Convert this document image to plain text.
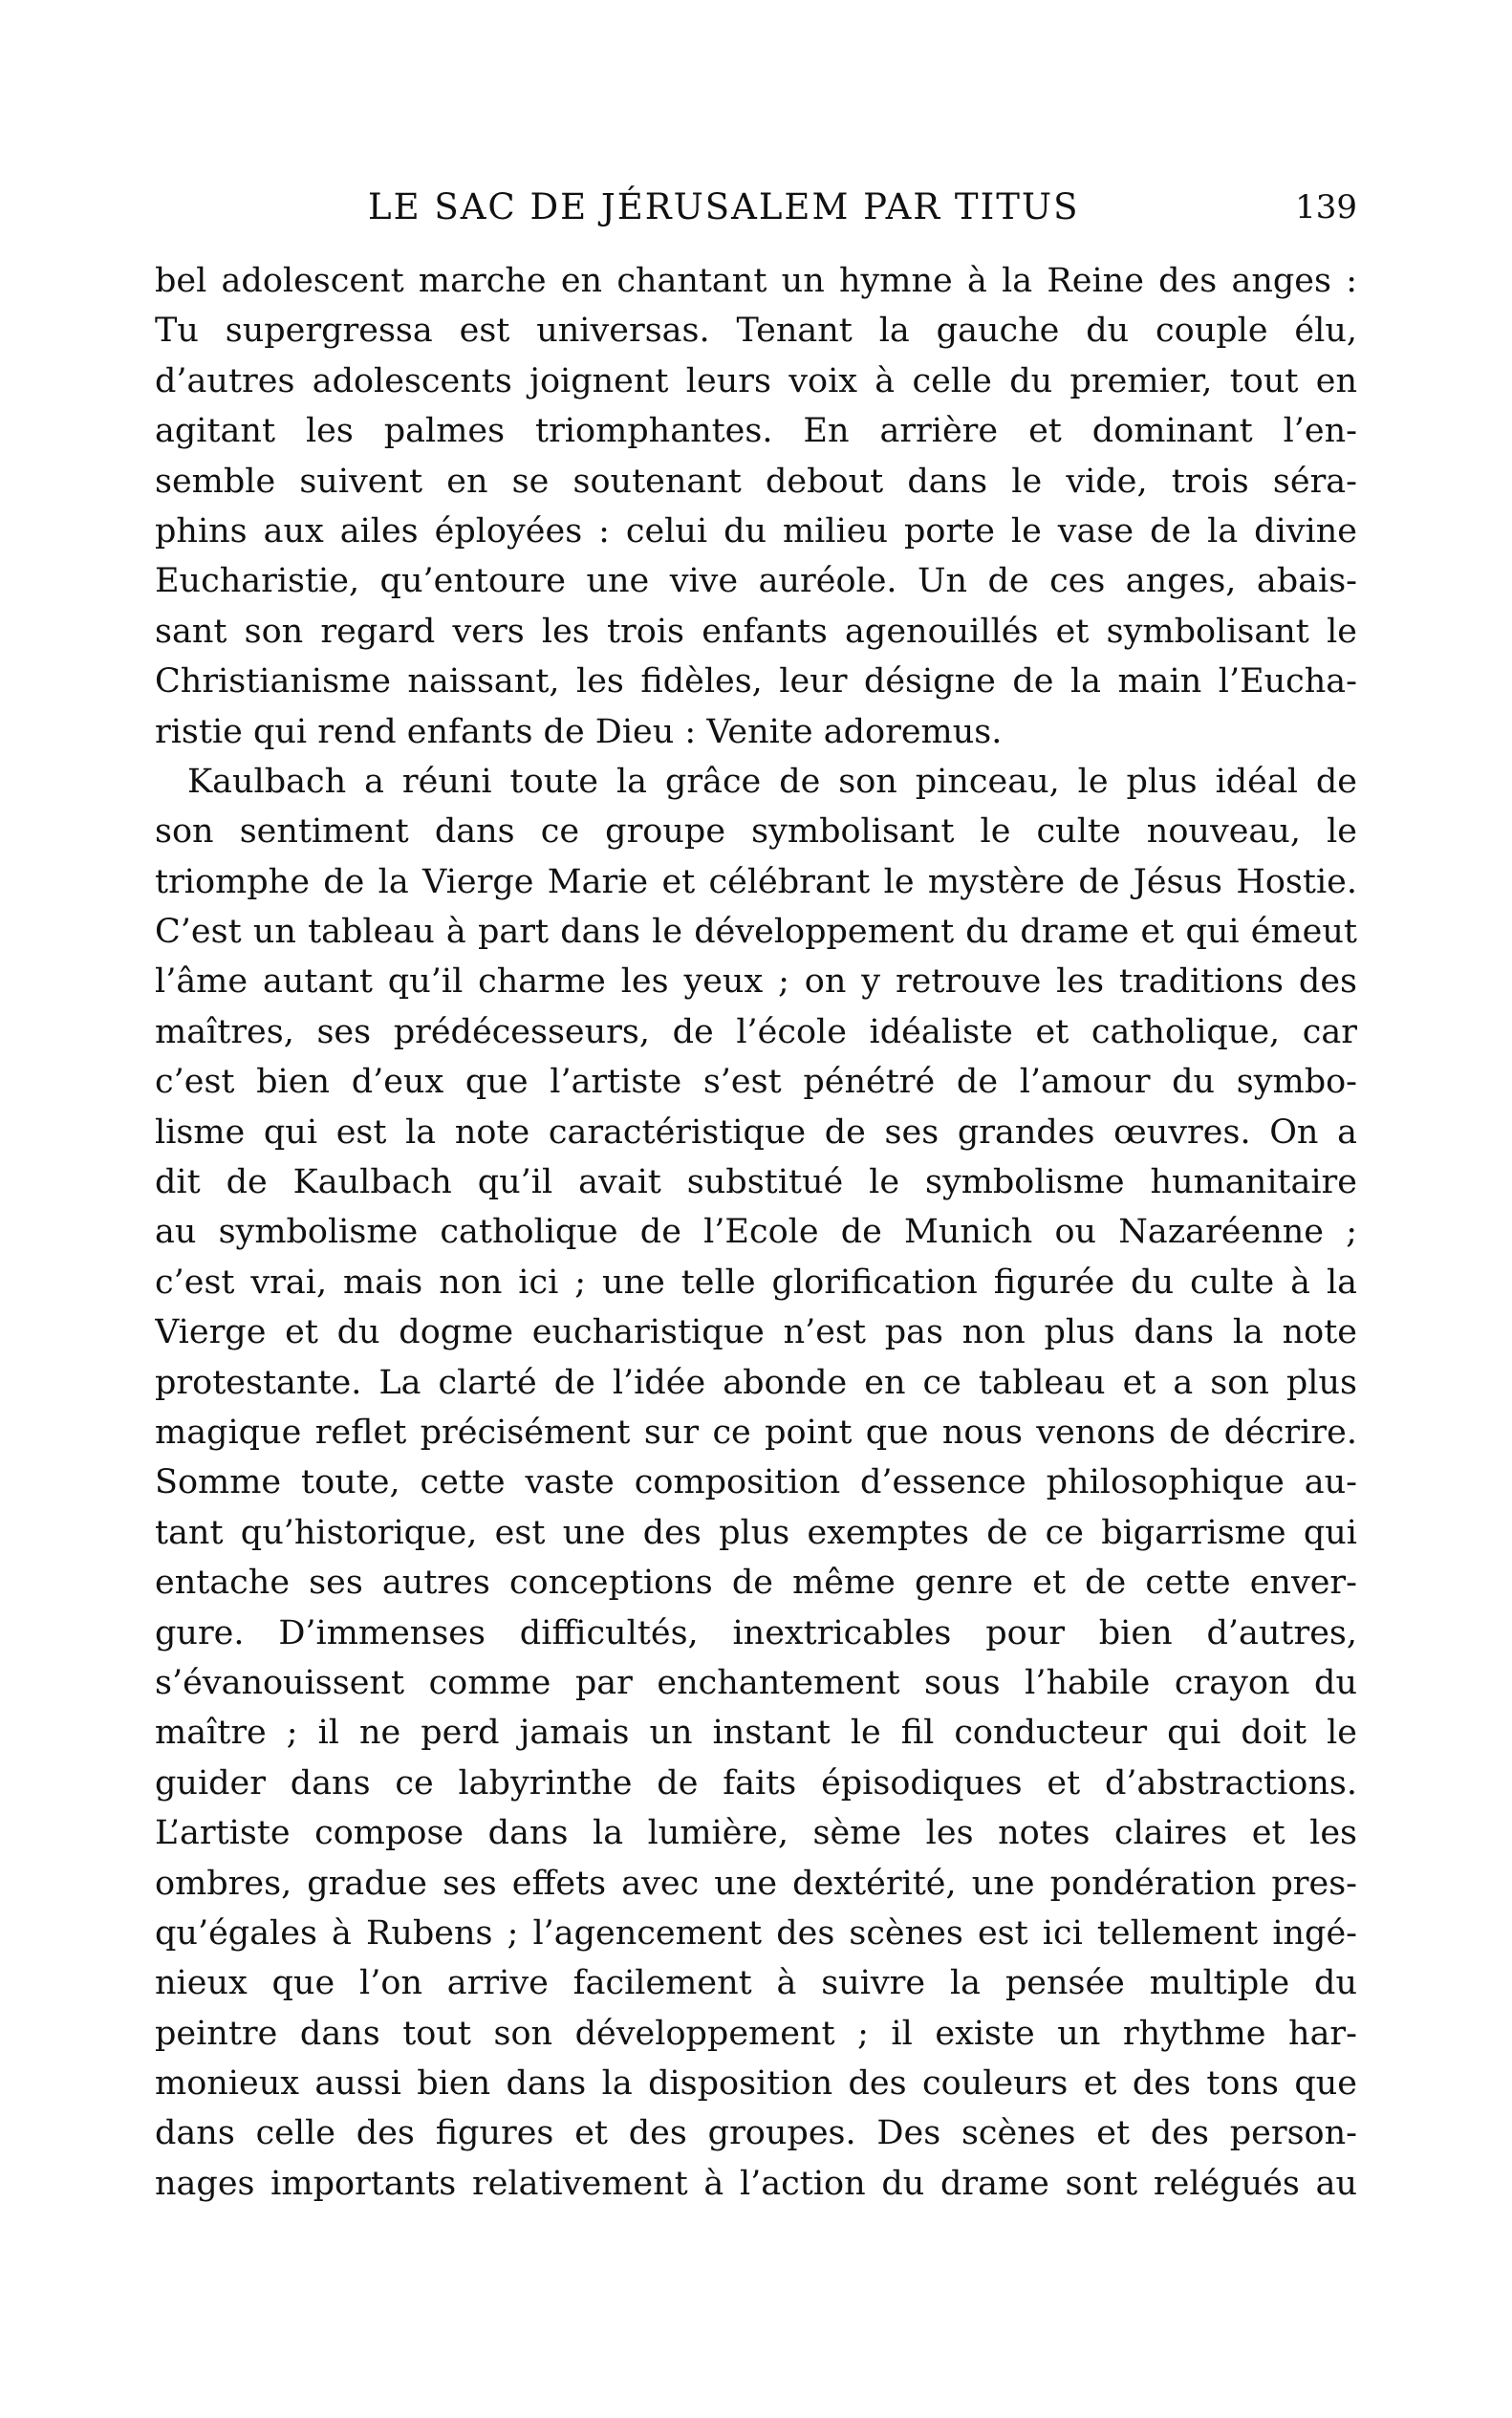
LE SAC DE JÉRUSALEM PAR TITUS	139
bel adolescent marche en chantant un hymne à la Reine des anges :
Tu supergressa est universas. Tenant la gauche du couple élu,
d’autres adolescents joignent leurs voix à celle du premier, tout en
agitant les palmes triomphantes. En arrière et dominant l’en-
semble suivent en se soutenant debout dans le vide, trois séra-
phins aux ailes éployées : celui du milieu porte le vase de la divine
Eucharistie, qu’entoure une vive auréole. Un de ces anges, abais-
sant son regard vers les trois enfants agenouillés et symbolisant le
Christianisme naissant, les fidèles, leur désigne de la main l’Eucha-
ristie qui rend enfants de Dieu : Venite adoremus.
Kaulbach a réuni toute la grâce de son pinceau, le plus idéal de
son sentiment dans ce groupe symbolisant le culte nouveau, le
triomphe de la Vierge Marie et célébrant le mystère de Jésus Hostie.
C’est un tableau à part dans le développement du drame et qui émeut
l’âme autant qu’il charme les yeux ; on y retrouve les traditions des
maîtres, ses prédécesseurs, de l’école idéaliste et catholique, car
c’est bien d’eux que l’artiste s’est pénétré de l’amour du symbo-
lisme qui est la note caractéristique de ses grandes œuvres. On a
dit de Kaulbach qu’il avait substitué le symbolisme humanitaire
au symbolisme catholique de l’Ecole de Munich ou Nazaréenne ;
c’est vrai, mais non ici ; une telle glorification figurée du culte à la
Vierge et du dogme eucharistique n’est pas non plus dans la note
protestante. La clarté de l’idée abonde en ce tableau et a son plus
magique reflet précisément sur ce point que nous venons de décrire.
Somme toute, cette vaste composition d’essence philosophique au-
tant qu’historique, est une des plus exemptes de ce bigarrisme qui
entache ses autres conceptions de même genre et de cette enver-
gure. D’immenses difficultés, inextricables pour bien d’autres,
s’évanouissent comme par enchantement sous l’habile crayon du
maître ; il ne perd jamais un instant le fil conducteur qui doit le
guider dans ce labyrinthe de faits épisodiques et d’abstractions.
L’artiste compose dans la lumière, sème les notes claires et les
ombres, gradue ses effets avec une dextérité, une pondération pres-
qu’égales à Rubens ; l’agencement des scènes est ici tellement ingé-
nieux que l’on arrive facilement à suivre la pensée multiple du
peintre dans tout son développement ; il existe un rhythme har-
monieux aussi bien dans la disposition des couleurs et des tons que
dans celle des figures et des groupes. Des scènes et des person-
nages importants relativement à l’action du drame sont relégués au
